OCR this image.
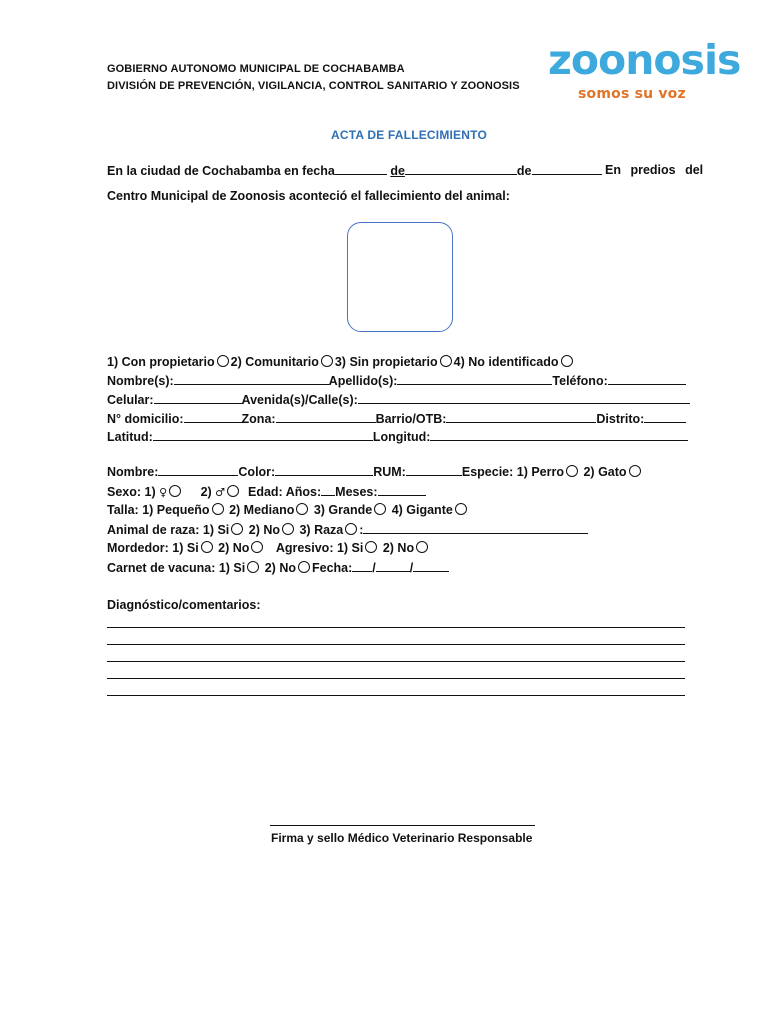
GOBIERNO AUTONOMO MUNICIPAL DE COCHABAMBA
DIVISIÓN DE PREVENCIÓN, VIGILANCIA, CONTROL SANITARIO Y ZOONOSIS
zoonosis
somos su voz
ACTA DE FALLECIMIENTO
En la ciudad de Cochabamba en fecha	de	de	En predios del
Centro Municipal de Zoonosis aconteció el fallecimiento del animal:
1) Con propietario 2) Comunitario 3) Sin propietario 4) No identificado
Nombre(s):	Apellido(s):	Teléfono:
Celular:	Avenida(s)/Calle(s):
N° domicilio:	Zona:	Barrio/OTB:	Distrito:
Latitud:	Longitud:
Nombre:	Color:	RUM:	Especie: 1) Perro 2) Gato
Sexo: 1) ♀	2) ♂ Edad: Años: Meses:
Talla: 1) Pequeño 2) Mediano 3) Grande 4) Gigante
Animal de raza: 1) Si 2) No 3) Raza :
Mordedor: 1) Si 2) No Agresivo: 1) Si 2) No
Carnet de vacuna: 1) Si 2) No Fecha: /	/
Diagnóstico/comentarios:
Firma y sello Médico Veterinario Responsable
